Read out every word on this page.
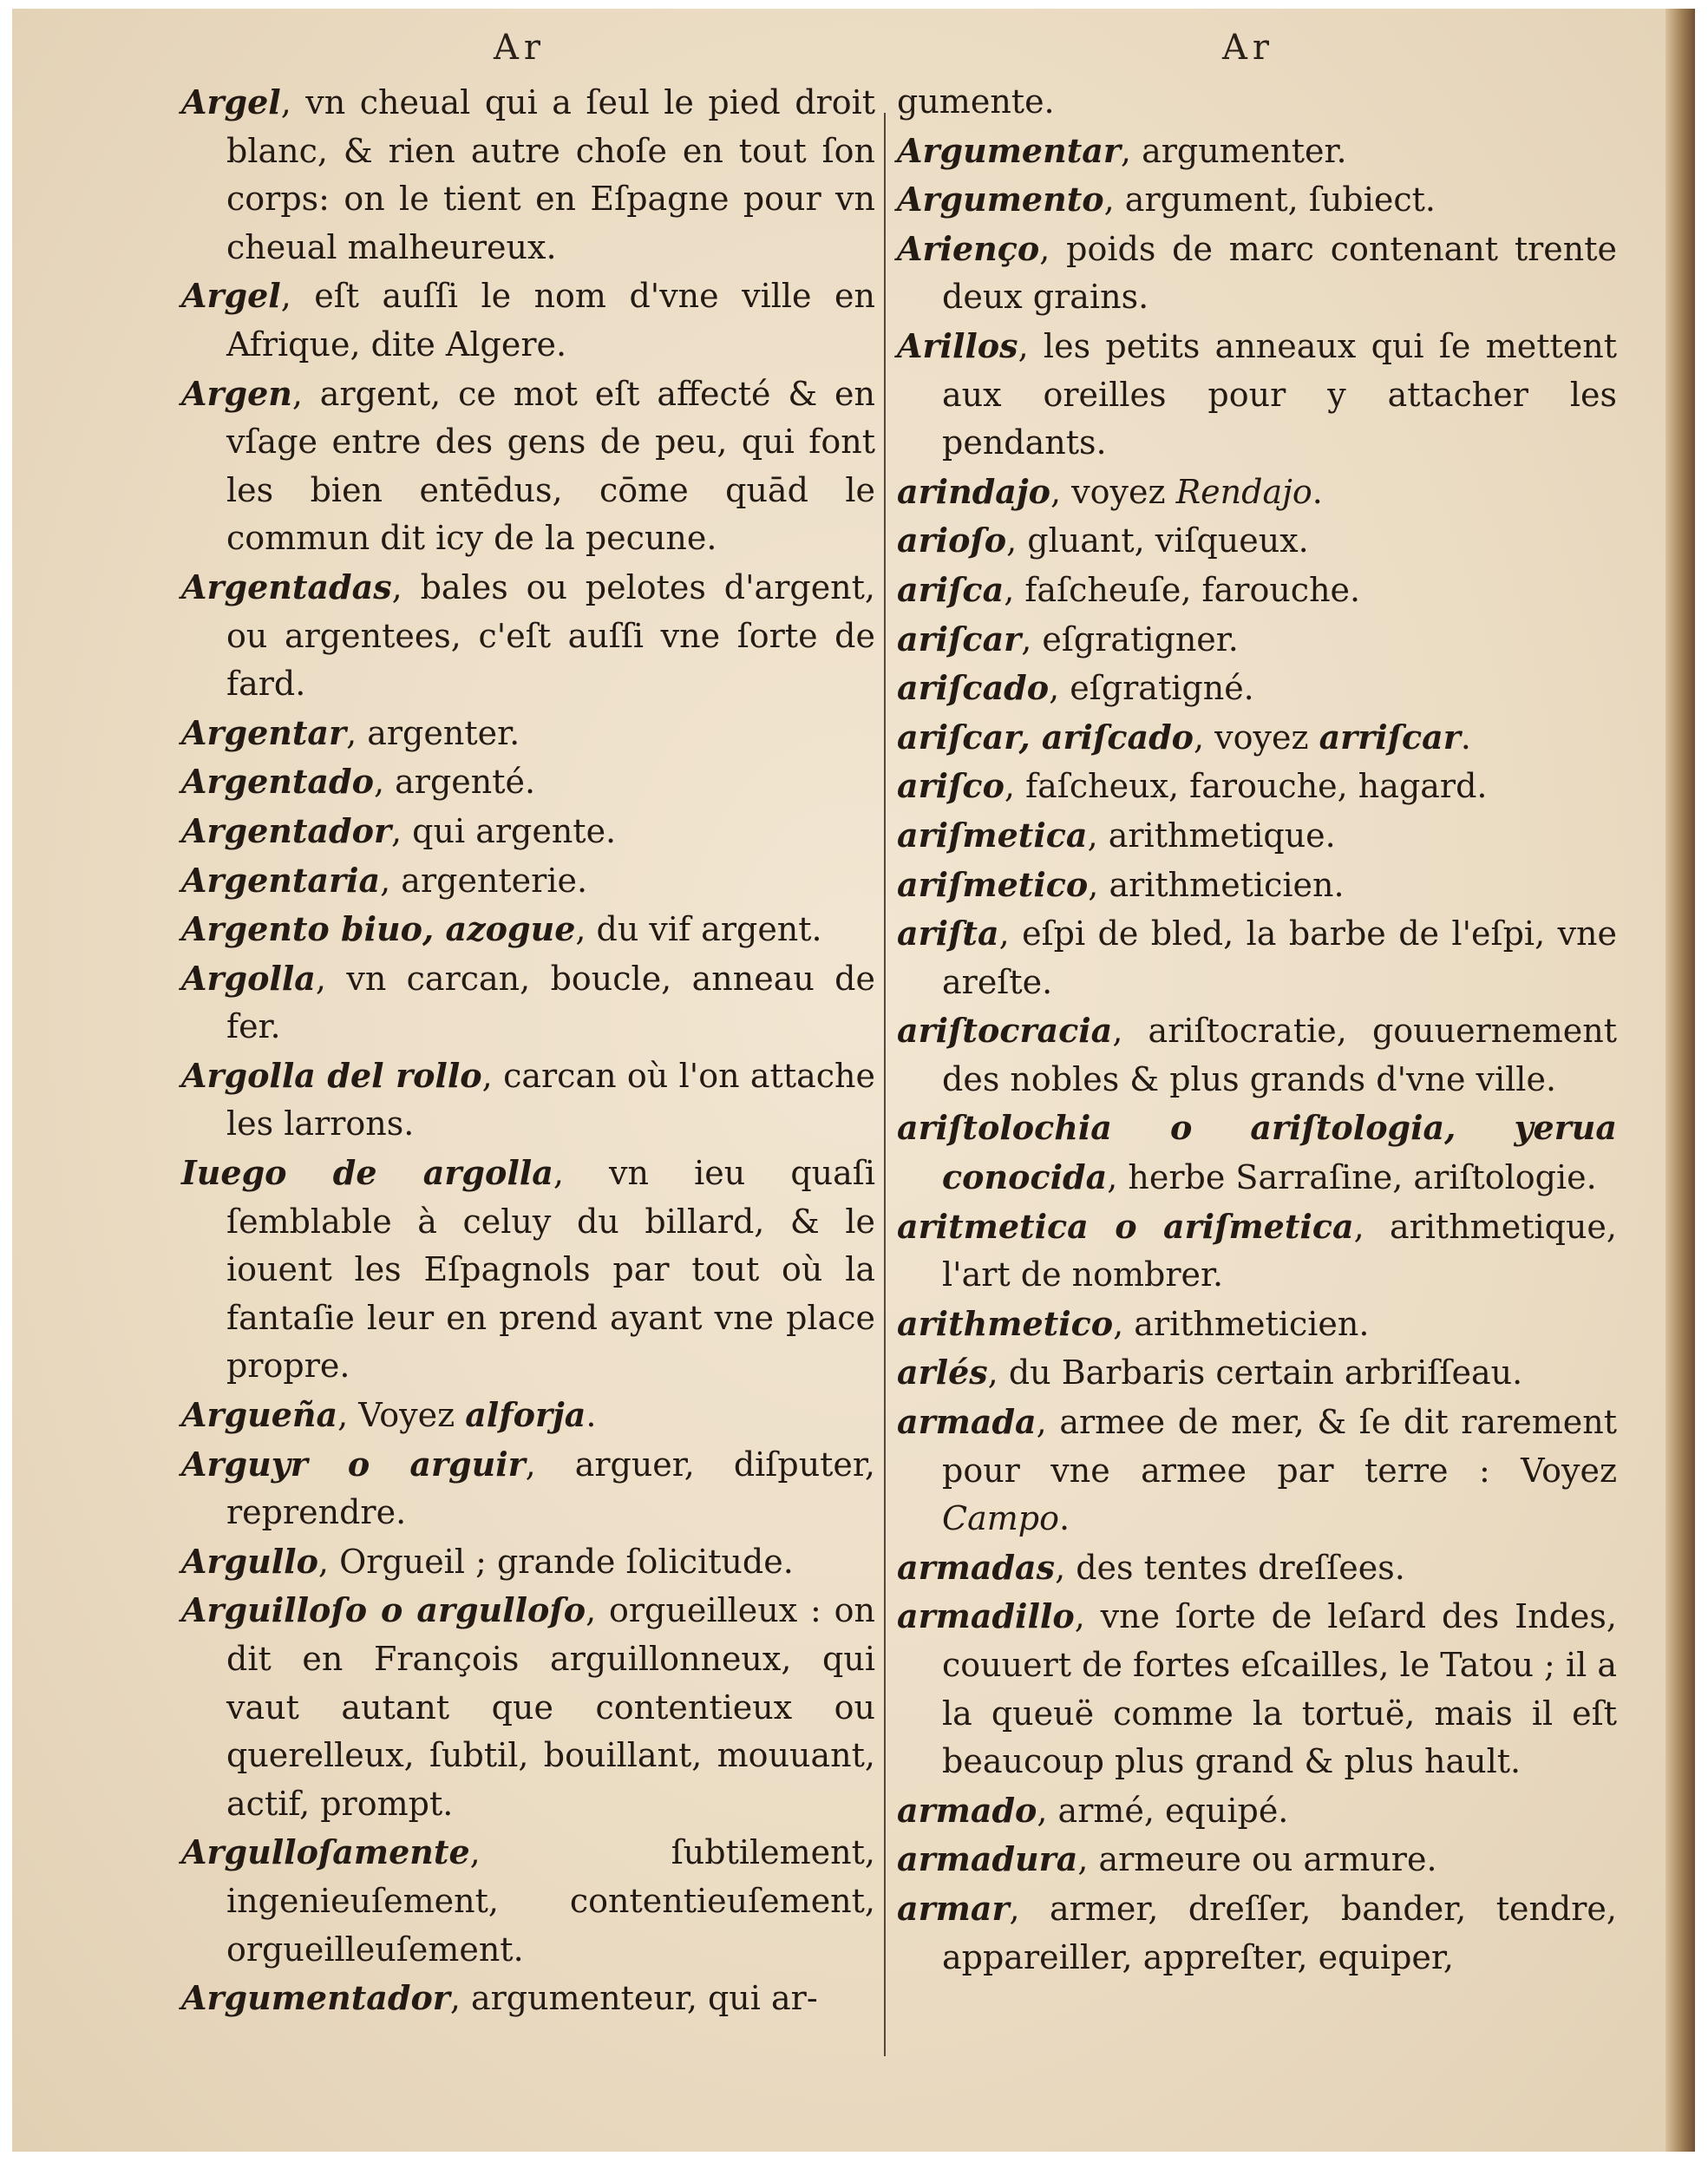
Ar	Ar

Argel, vn cheual qui a ſeul le pied droit blanc, & rien autre choſe en tout ſon corps: on le tient en Eſpagne pour vn cheual malheureux.

Argel, eſt auſſi le nom d'vne ville en Afrique, dite Algere.

Argen, argent, ce mot eſt affecté & en vſage entre des gens de peu, qui font les bien entēdus, cōme quād le commun dit icy de la pecune.

Argentadas, bales ou pelotes d'argent, ou argentees, c'eſt auſſi vne ſorte de fard.

Argentar, argenter.

Argentado, argenté.

Argentador, qui argente.

Argentaria, argenterie.

Argento biuo, azogue, du vif argent.

Argolla, vn carcan, boucle, anneau de fer.

Argolla del rollo, carcan où l'on attache les larrons.

Iuego de argolla, vn ieu quaſi ſemblable à celuy du billard, & le iouent les Eſpagnols par tout où la fantaſie leur en prend ayant vne place propre.

Argueña, Voyez alforja.

Arguyr o arguir, arguer, diſputer, reprendre.

Argullo, Orgueil ; grande ſolicitude.

Arguilloſo o argulloſo, orgueilleux : on dit en François arguillonneux, qui vaut autant que contentieux ou querelleux, ſubtil, bouillant, mouuant, actif, prompt.

Argulloſamente, ſubtilement, ingenieuſement, contentieuſement, orgueilleuſement.

Argumentador, argumenteur, qui ar-

gumente.

Argumentar, argumenter.

Argumento, argument, ſubiect.

Arienço, poids de marc contenant trente deux grains.

Arillos, les petits anneaux qui ſe mettent aux oreilles pour y attacher les pendants.

arindajo, voyez Rendajo.

arioſo, gluant, viſqueux.

ariſca, faſcheuſe, farouche.

ariſcar, eſgratigner.

ariſcado, eſgratigné.

ariſcar, ariſcado, voyez arriſcar.

ariſco, faſcheux, farouche, hagard.

ariſmetica, arithmetique.

ariſmetico, arithmeticien.

ariſta, eſpi de bled, la barbe de l'eſpi, vne areſte.

ariſtocracia, ariſtocratie, gouuernement des nobles & plus grands d'vne ville.

ariſtolochia o ariſtologia, yerua conocida, herbe Sarraſine, ariſtologie.

aritmetica o ariſmetica, arithmetique, l'art de nombrer.

arithmetico, arithmeticien.

arlés, du Barbaris certain arbriſſeau.

armada, armee de mer, & ſe dit rarement pour vne armee par terre : Voyez Campo.

armadas, des tentes dreſſees.

armadillo, vne ſorte de leſard des Indes, couuert de fortes eſcailles, le Tatou ; il a la queuë comme la tortuë, mais il eſt beaucoup plus grand & plus hault.

armado, armé, equipé.

armadura, armeure ou armure.

armar, armer, dreſſer, bander, tendre, appareiller, appreſter, equiper,
